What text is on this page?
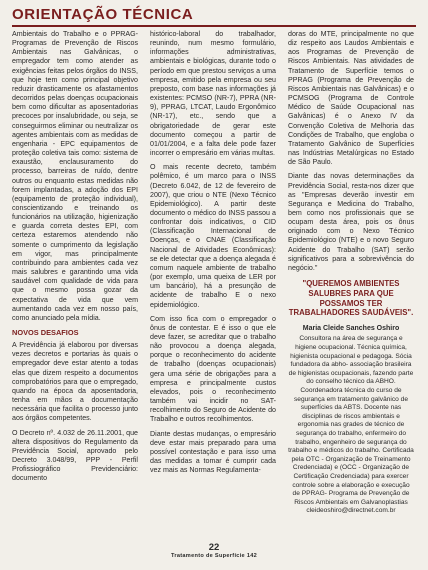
ORIENTAÇÃO TÉCNICA

Ambientais do Trabalho e o PPRAG-Programas de Prevenção de Riscos Ambientais nas Galvânicas, o empregador tem como atender as exigências feitas pelos órgãos do INSS, que hoje tem como principal objetivo reduzir drasticamente os afastamentos decorridos pelas doenças ocupacionais bem como dificultar as aposentadorias precoces por insalubridade, ou seja, se conseguirmos eliminar ou neutralizar os agentes ambientais com as medidas de engenharia - EPC equipamentos de proteção coletiva tais como: sistema de exaustão, enclausuramento do processo, barreiras de ruído, dentre outros ou enquanto estas medidas não forem implantadas, a adoção dos EPI (equipamento de proteção individual), conscientizando e treinando os funcionários na utilização, higienização e guarda correta destes EPI, com certeza estaremos atendendo não somente o cumprimento da legislação em vigor, mas principalmente contribuindo para ambientes cada vez mais salubres e garantindo uma vida saudável com qualidade de vida para que o mesmo possa gozar da expectativa de vida que vem aumentando cada vez em nosso país, como anunciado pela mídia.

NOVOS DESAFIOS

A Previdência já elaborou por diversas vezes decretos e portarias às quais o empregador deve estar atento a todas elas que dizem respeito a documentos comprobatórios para que o empregado, quando na época da aposentadoria, tenha em mãos a documentação necessária que facilita o processo junto aos órgãos competentes.

O Decreto nº. 4.032 de 26.11.2001, que altera dispositivos do Regulamento da Previdência Social, aprovado pelo Decreto 3.048/99, PPP - Perfil Profissiográfico Previdenciário: documento

histórico-laboral do trabalhador, reunindo, num mesmo formulário, informações administrativas, ambientais e biológicas, durante todo o período em que prestou serviços a uma empresa, emitido pela empresa ou seu preposto, com base nas informações já existentes: PCMSO (NR-7), PPRA (NR-9), PPRAG, LTCAT, Laudo Ergonômico (NR-17), etc., sendo que a obrigatoriedade de gerar este documento começou a partir de 01/01/2004, e a falta dele pode fazer incorrer o empresário em várias multas.

O mais recente decreto, também polêmico, é um marco para o INSS (Decreto 6.042, de 12 de fevereiro de 2007), que criou o NTE (Nexo Técnico Epidemiológico). A partir deste documento o médico do INSS passou a confrontar dois indicativos, o CID (Classificação Internacional de Doenças, e o CNAE (Classificação Nacional de Atividades Econômicas): se ele detectar que a doença alegada é comum naquele ambiente de trabalho (por exemplo, uma queixa de LER por um bancário), há a presunção de acidente de trabalho E o nexo epidemiológico.

Com isso fica com o empregador o ônus de contestar. E é isso o que ele deve fazer, se acreditar que o trabalho não provocou a doença alegada, porque o reconhecimento do acidente de trabalho (doenças ocupacionais) gera uma série de obrigações para a empresa e principalmente custos elevados, pois o reconhecimento também vai incidir no SAT- recolhimento do Seguro de Acidente do Trabalho e outros recolhimentos.

Diante destas mudanças, o empresário deve estar mais preparado para uma possível contestação e para isso uma das medidas a tomar é cumprir cada vez mais as Normas Regulamenta-

doras do MTE, principalmente no que diz respeito aos Laudos Ambientais e aos Programas de Prevenção de Riscos Ambientais. Nas atividades de Tratamento de Superfície temos o PPRAG (Programa de Prevenção de Riscos Ambientais nas Galvânicas) e o PCMSOG (Programa de Controle Médico de Saúde Ocupacional nas Galvânicas) é o Anexo IV da Convenção Coletiva de Melhoria das Condições de Trabalho, que engloba o Tratamento Galvânico de Superfícies nas Indústrias Metalúrgicas no Estado de São Paulo.

Diante das novas determinações da Previdência Social, resta-nos dizer que as "Empresas deverão investir em Segurança e Medicina do Trabalho, bem como nos profissionais que se ocupam desta área, pois os ônus originado com o Nexo Técnico Epidemiológico (NTE) e o novo Seguro Acidente do Trabalho (SAT) serão significativos para a sobrevivência do negócio."

"QUEREMOS AMBIENTES SALUBRES PARA QUE POSSAMOS TER TRABALHADORES SAUDÁVEIS".
Maria Cleide Sanches Oshiro
Consultora na área de segurança e higiene ocupacional. Técnica química, higienista ocupacional e pedagoga. Sócia fundadora da abho- associação brasileira de higienistas ocupacionais, fazendo parte do conselho técnico da ABHO. Coordenadora técnica do curso de segurança em tratamento galvânico de superfícies da ABTS. Docente nas disciplinas de riscos ambientais e ergonomia nas grades de técnico de segurança do trabalho, enfermeiro do trabalho, engenheiro de segurança do trabalho e médicos do trabalho. Certificada pela OTC - Organização de Treinamento Credenciada) e (OCC - Organização de Certificação Credenciada) para exercer controle sobre a elaboração e execução de PPRAG- Programa de Prevenção de Riscos Ambientais em Galvanoplastias cleideoshiro@directnet.com.br
22
Tratamento de Superfície 142
